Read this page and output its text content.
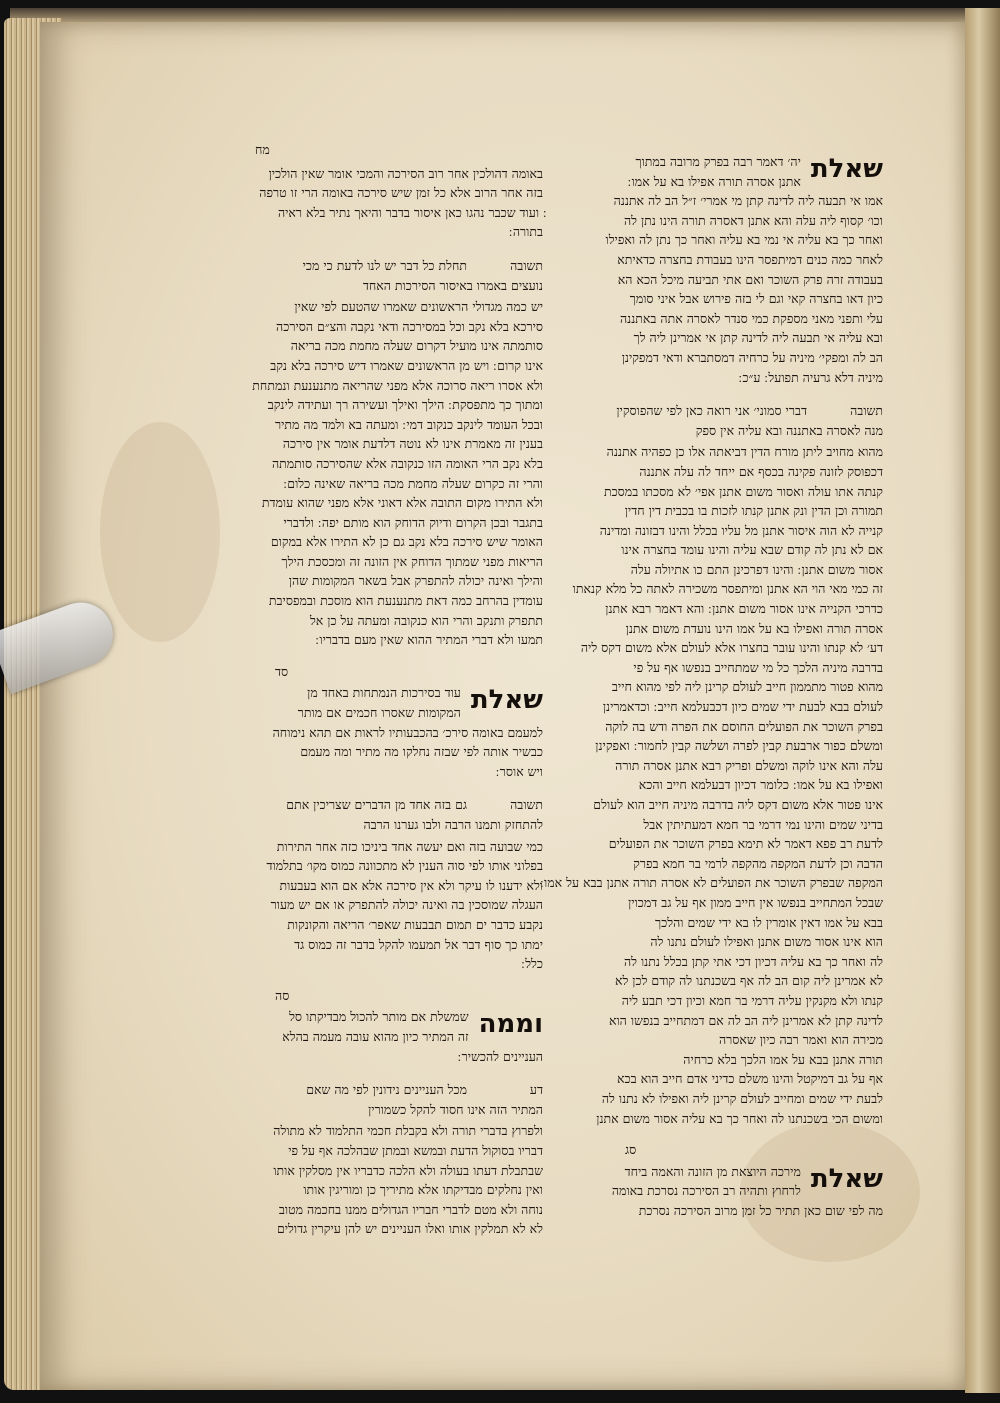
שאלת
יה׳ דאמר רבה בפרק מרובה במתוך
אתנן אסרה תורה אפילו בא על אמו ׃
אמו אי תבעה ליה לדינה קתן מי אמרי׳ ז״ל הב לה אתננה
וכו׳ קסוף ליה עלה והא אתנן דאסרה תורה הינו נתן לה
ואחר כך בא עליה אי נמי בא עליה ואחר כך נתן לה ואפילו
לאחר כמה כנים דמיתפסר הינו בעבודת בחצרה כדאיתא
בעבודה זרה פרק השוכר ואם אתי תביעה מיכל הכא הא
כיון דאו בחצרה קאי וגם לי בזה פירוש אבל איני סומך
עלי ותפני מאני מספקת כמי סנדר לאסרה אתה באתננה
ובא עליה אי תבעה ליה לדינה קתן אי אמרינן ליה לך
הב לה ומפקי׳ מיניה על כרחיה דמסתברא ודאי דמפקינן
מיניה דלא גרעיה תפועל ׃ ע״כ ׃
תשובה
דברי סמוני׳ אני רואה כאן לפי שהפוסקין
מנה לאסרה באתננה ובא עליה אין ספק
מהוא מחויב ליתן מורח הדין דביאתה אלו כן כפהיה אתננה
דכפוסק לזונה פקינה בכסף אם ייחד לה עלה אתננה
קנתה אתו עולה ואסור משום אתנן אפי׳ לא מסכתו במסכת
תמורה וכן הדין ונק אתנן קנתו לזכות בו בכבית דין חדין
קנייה לא הוה איסור אתנן מל עליו בכלל והינו דבזונה ומדינה
אם לא נתן לה קודם שבא עליה והינו עומד בחצרה אינו
אסור משום אתנן ׃ והינו דפרכינן התם כו אתיולה עלה
זה כמי מאי הוי הא אתנן ומיתפסר משכירה לאתה כל מלא קנאתו
כדרכי הקנייה אינו אסור משום אתנן ׃ והא דאמר רבא אתנן
אסרה תורה ואפילו בא על אמו הינו נועדת משום אתנן
דע׳ לא קנתו והינו עובר בחצרו אלא לעולם אלא משום דקס ליה
בדרבה מיניה הלכך כל מי שמתחייב בנפשו אף על פי
מהוא פטור מתממון חייב לעולם קרינן ליה לפי מהוא חייב
לעולם בבא לבעת ידי שמים כיון דכבעלמא חייב ׃ וכדאמרינן
בפרק השוכר את הפועלים החוסם את הפרה ודש בה לוקה
ומשלם כפור ארבעת קבין לפרה ושלשה קבין לחמור ׃ ואפקינן
עלה והא אינו לוקה ומשלם ופריק רבא אתנן אסרה תורה
ואפילו בא על אמו ׃ כלומר דכיון דבעלמא חייב והכא
אינו פטור אלא משום דקס ליה בדרבה מיניה חייב הוא לעולם
בדיני שמים והינו נמי דרמי בר חמא דמעתיתין אבל
לדעת רב פפא דאמר לא תימא בפרק השוכר את הפועלים
הדבה וכן לדעת המקפה מהקפה לרמי בר חמא בפרק
המקפה שבפרק השוכר את הפועלים לא אסרה תורה אתנן בבא על אמו ׃
שבכל המתחייב בנפשו אין חייב ממון אף על גב דמכוין
בבא על אמו דאין אומרין לו בא ידי שמים והלכך
הוא אינו אסור משום אתנן ואפילו לעולם נתנו לה
לה ואחר כך בא עליה דכיון דכי אתי קתן בכלל נתנו לה
לא אמרינן ליה קום הב לה אף בשכנתנו לה קודם לכן לא
קנתו ולא מקנקין עליה דרמי בר חמא וכיון דכי תבע ליה
לדינה קתן לא אמרינן ליה הב לה אם דמתחייב בנפשו הוא
מכירה הוא ואמר רבה כיון שאסרה
תורה אתנן בבא על אמו הלכך בלא כרחיה
אף על גב דמיקטל והינו משלם כדיני אדם חייב הוא בכא
לבעת ידי שמים ומחייב לעולם קרינן ליה ואפילו לא נתנו לה
ומשום הכי בשכנתנו לה ואחר כך בא עליה אסור משום אתנן
סג
שאלת
מירכה היוצאת מן הזונה והאמה ביחד
לרחוץ ותהיה רב הסירכה נסרכת באומה
מה לפי שום כאן תתיר כל זמן מרוב הסירכה נסרכת
מח
באומה דהולכין אחר רוב הסירכה והמכי אומר שאין הולכין
בזה אחר הרוב אלא כל זמן שיש סירכה באומה הרי זו טרפה
׃ ועוד שכבר נהגו כאן איסור בדבר והיאך נתיר בלא ראיה
בתורה ׃
תשובה
תחלת כל דבר יש לנו לדעת כי מכי
נועצים באמרו באיסור הסירכות האחד
יש כמה מגדולי הראשונים שאמרו שהטעם לפי שאין
סירכא בלא נקב וכל במסירכה ודאי נקבה והצ״ם הסירכה
סותמתה אינו מועיל דקרום שעלה מחמת מכה בריאה
אינו קרום ׃ ויש מן הראשונים שאמרו דיש סירכה בלא נקב
ולא אסרו ריאה סרוכה אלא מפני שהריאה מתנענעת ונמתחת
ומתוך כך מתפסקת ׃ הילך ואילך ועשירה רך ועתידה לינקב
ובכל העומד לינקב כנקוב דמי ׃ ומעתה בא ולמד מה מתיר
בענין זה מאמרת אינו לא נוטה דלדעת אומר אין סירכה
בלא נקב הרי האומה הזו כנקובה אלא שהסירכה סותמתה
והרי זה כקרום שעלה מחמת מכה בריאה שאינה כלום ׃
ולא התירו מקום התובה אלא דאוני אלא מפני שהוא עומדת
בתגבר ובכן הקרום ודיוק הדוחק הוא מותם יפה ׃ ולדברי
האומר שיש סירכה בלא נקב גם כן לא התירו אלא במקום
הריאות מפני שמתוך הדוחק אין הזונה זה ומכסכת הילך
והילך ואינה יכולה להתפרק אבל בשאר המקומות שהן
עומדין בהרחב כמה דאת מתנענעת הוא מוסכת ובמפסיבת
תתפרק ותנקב והרי הוא כנקובה ומעתה על כן אל
תמעו ולא דברי המתיר ההוא שאין מעם בדבריו ׃
סד
שאלת
עוד בסירכות הנמתחות באחד מן
המקומות שאסרו חכמים אם מותר
למעמם באומה סירכ׳ בהכבעותיו לראות אם תהא נימוחה
כבשיר אותה לפי שבזה נחלקו מה מתיר ומה מעמם
ויש אוסר ׃
תשובה
גם בזה אחד מן הדברים שצריכין אתם
להתחזק ותמנו הרבה ולבו גערנו הרבה
כמי שבועה בזה ואם יעשה אחד ביניכו כזה אחר התירות
בפלוני אותו לפי סוה הענין לא מתכוונה כמוס מקו׳ בתלמוד
ולא ידענו לו עיקר ולא אין סירכה אלא אם הוא בעבעות
העגלה שמוסכין בה ואינה יכולה להתפרק או אם יש מעור
נקבע כדבר ים תמום תבבעות שאפר׳ הריאה והקונקות
ימתו כך סוף דבר אל תמעמו להקל בדבר זה כמוס גד
כלל ׃
סה
וממה
שמשלת אם מותר להכול מבדיקתו סל
זה המתיר כיון מהוא עובה מעמה בהלא
העניינים להכשיר ׃
דע
מכל העניינים נידונין לפי מה שאם
המתיר הזה אינו חסוד להקל כשמורין
ולפרוץ בדברי תורה ולא בקבלת חכמי התלמוד לא מתולה
דבריו בסוקול הדעת ובמשא ובמתן שבהלכה אף על פי
שבתבלת דעתו בעולה ולא הלכה כדבריו אין מסלקין אותו
ואין נחלקים מבדיקתו אלא מתיריך כן ומוריגין אותו
נוחה ולא מטם לדברי חבריו הגדולים ממנו בחכמה מטוב
לא לא תמלקין אותו ואלו העניינים יש להן עיקרין גדולים
